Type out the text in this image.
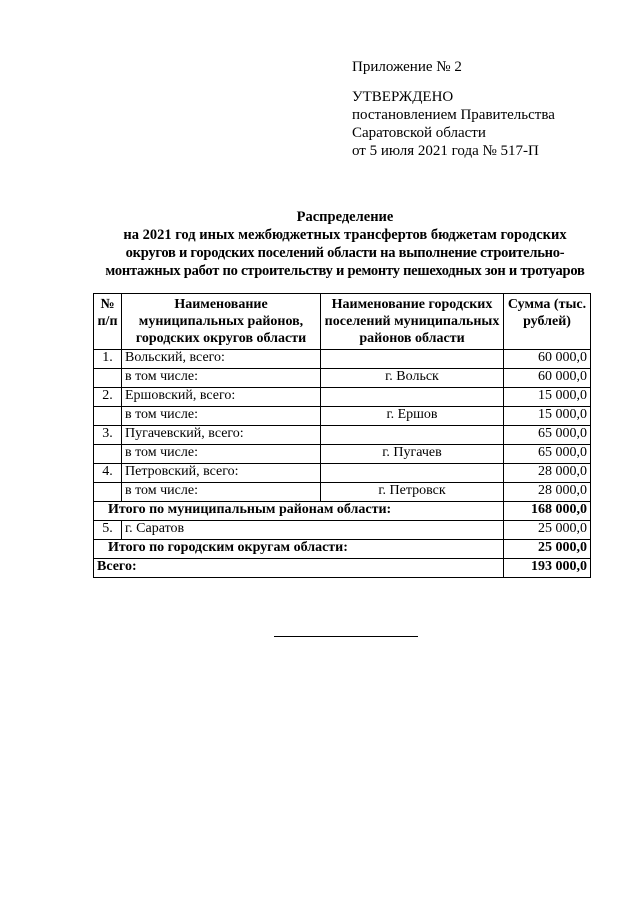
Приложение № 2
УТВЕРЖДЕНО
постановлением Правительства
Саратовской области
от 5 июля 2021 года № 517-П
Распределение
на 2021 год иных межбюджетных трансфертов бюджетам городских
округов и городских поселений области на выполнение строительно-
монтажных работ по строительству и ремонту пешеходных зон и тротуаров
№ п/п	Наименование муниципальных районов, городских округов области	Наименование городских поселений муниципальных районов области	Сумма (тыс. рублей)
1.	Вольский, всего:		60 000,0
	в том числе:	г. Вольск	60 000,0
2.	Ершовский, всего:		15 000,0
	в том числе:	г. Ершов	15 000,0
3.	Пугачевский, всего:		65 000,0
	в том числе:	г. Пугачев	65 000,0
4.	Петровский, всего:		28 000,0
	в том числе:	г. Петровск	28 000,0
Итого по муниципальным районам области:			168 000,0
5.	г. Саратов		25 000,0
Итого по городским округам области:			25 000,0
Всего:			193 000,0
